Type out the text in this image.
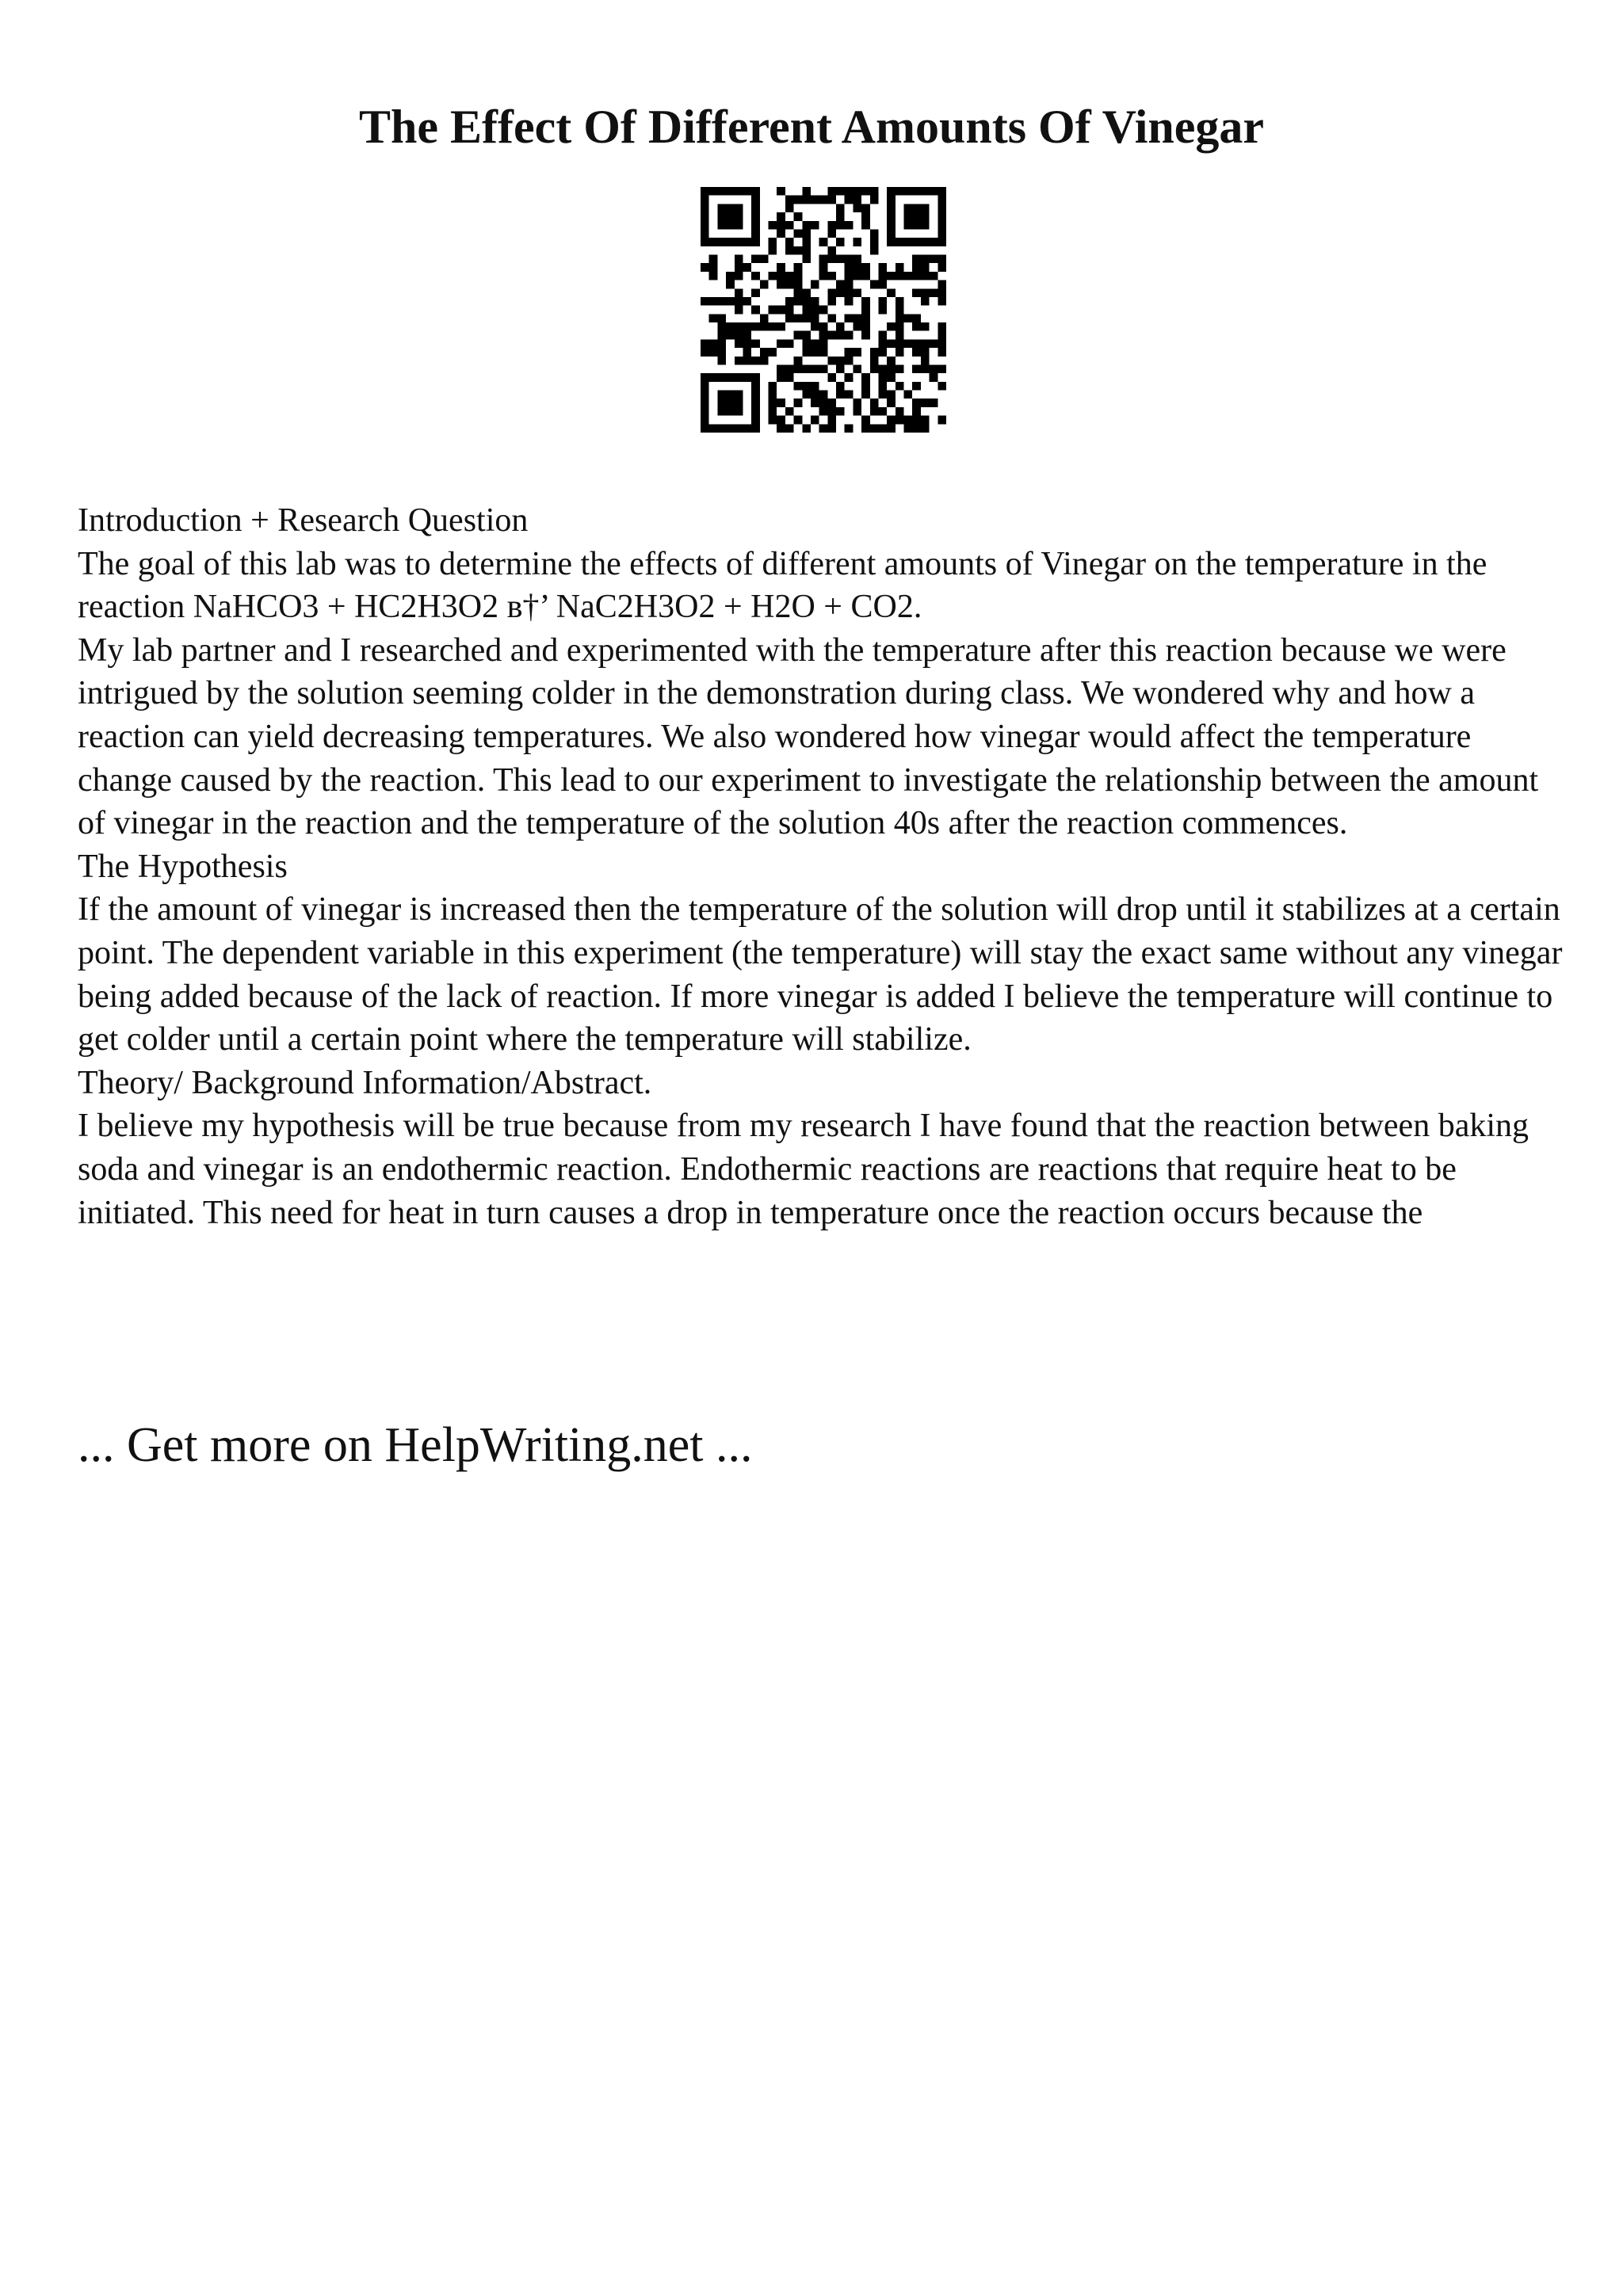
The Effect Of Different Amounts Of Vinegar

Introduction + Research Question

The goal of this lab was to determine the effects of different amounts of Vinegar on the temperature in the reaction NaHCO3 + HC2H3O2 в†’ NaC2H3O2 + H2O + CO2.

My lab partner and I researched and experimented with the temperature after this reaction because we were intrigued by the solution seeming colder in the demonstration during class. We wondered why and how a reaction can yield decreasing temperatures. We also wondered how vinegar would affect the temperature change caused by the reaction. This lead to our experiment to investigate the relationship between the amount of vinegar in the reaction and the temperature of the solution 40s after the reaction commences.

The Hypothesis

If the amount of vinegar is increased then the temperature of the solution will drop until it stabilizes at a certain point. The dependent variable in this experiment (the temperature) will stay the exact same without any vinegar being added because of the lack of reaction. If more vinegar is added I believe the temperature will continue to get colder until a certain point where the temperature will stabilize.

Theory/ Background Information/Abstract.

I believe my hypothesis will be true because from my research I have found that the reaction between baking soda and vinegar is an endothermic reaction. Endothermic reactions are reactions that require heat to be initiated. This need for heat in turn causes a drop in temperature once the reaction occurs because the

... Get more on HelpWriting.net ...
